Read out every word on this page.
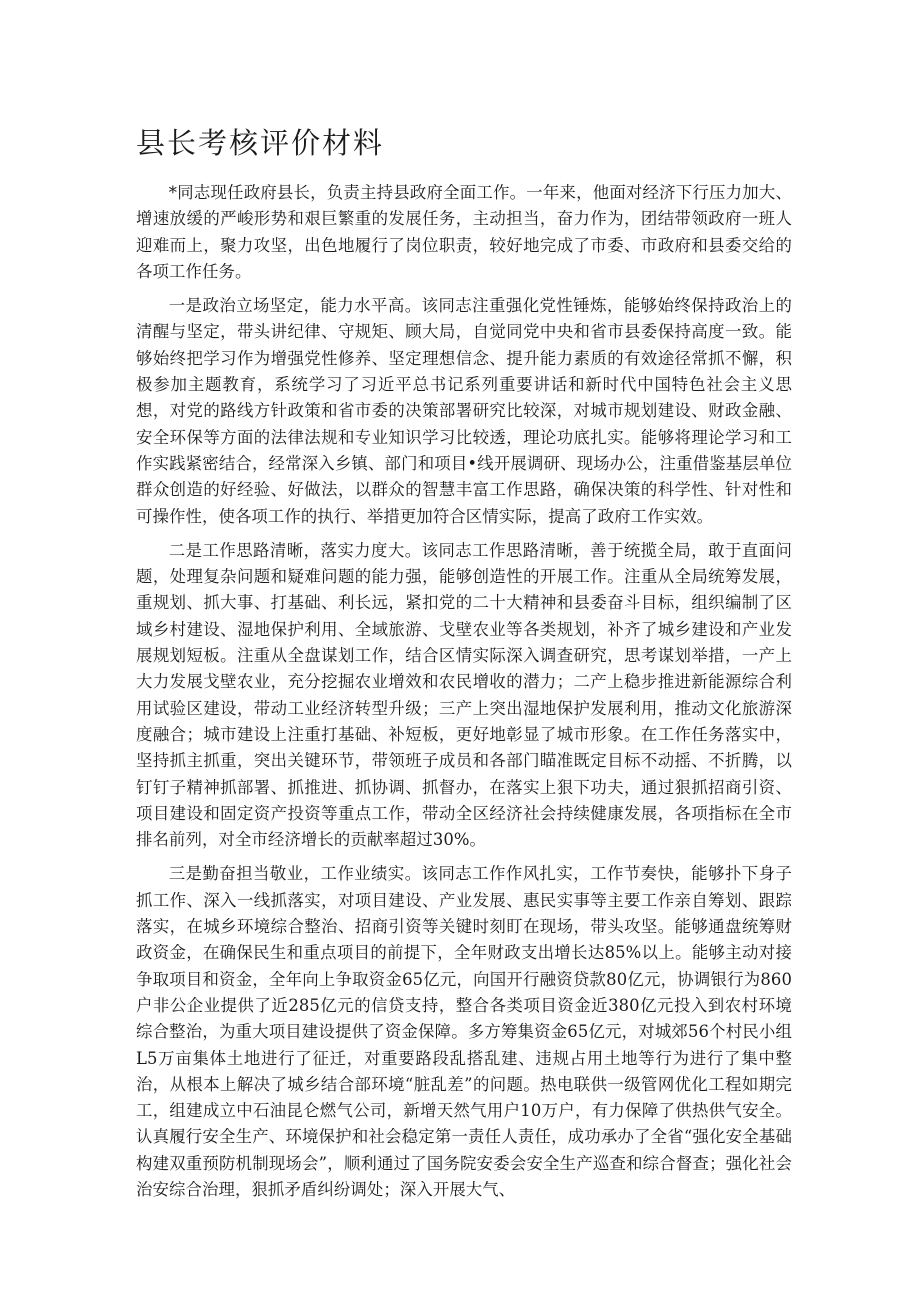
县长考核评价材料

*同志现任政府县长，负责主持县政府全面工作。一年来，他面对经济下行压力加大、增速放缓的严峻形势和艰巨繁重的发展任务，主动担当，奋力作为，团结带领政府一班人迎难而上，聚力攻坚，出色地履行了岗位职责，较好地完成了市委、市政府和县委交给的各项工作任务。

一是政治立场坚定，能力水平高。该同志注重强化党性锤炼，能够始终保持政治上的清醒与坚定，带头讲纪律、守规矩、顾大局，自觉同党中央和省市县委保持高度一致。能够始终把学习作为增强党性修养、坚定理想信念、提升能力素质的有效途径常抓不懈，积极参加主题教育，系统学习了习近平总书记系列重要讲话和新时代中国特色社会主义思想，对党的路线方针政策和省市委的决策部署研究比较深，对城市规划建设、财政金融、安全环保等方面的法律法规和专业知识学习比较透，理论功底扎实。能够将理论学习和工作实践紧密结合，经常深入乡镇、部门和项目•线开展调研、现场办公，注重借鉴基层单位群众创造的好经验、好做法，以群众的智慧丰富工作思路，确保决策的科学性、针对性和可操作性，使各项工作的执行、举措更加符合区情实际，提高了政府工作实效。

二是工作思路清晰，落实力度大。该同志工作思路清晰，善于统揽全局，敢于直面问题，处理复杂问题和疑难问题的能力强，能够创造性的开展工作。注重从全局统筹发展，重规划、抓大事、打基础、利长远，紧扣党的二十大精神和县委奋斗目标，组织编制了区域乡村建设、湿地保护利用、全域旅游、戈壁农业等各类规划，补齐了城乡建设和产业发展规划短板。注重从全盘谋划工作，结合区情实际深入调查研究，思考谋划举措，一产上大力发展戈壁农业，充分挖掘农业增效和农民增收的潜力；二产上稳步推进新能源综合利用试验区建设，带动工业经济转型升级；三产上突出湿地保护发展利用，推动文化旅游深度融合；城市建设上注重打基础、补短板，更好地彰显了城市形象。在工作任务落实中，坚持抓主抓重，突出关键环节，带领班子成员和各部门瞄准既定目标不动摇、不折腾，以钉钉子精神抓部署、抓推进、抓协调、抓督办，在落实上狠下功夫，通过狠抓招商引资、项目建设和固定资产投资等重点工作，带动全区经济社会持续健康发展，各项指标在全市排名前列，对全市经济增长的贡献率超过30%。

三是勤奋担当敬业，工作业绩实。该同志工作作风扎实，工作节奏快，能够扑下身子抓工作、深入一线抓落实，对项目建设、产业发展、惠民实事等主要工作亲自筹划、跟踪落实，在城乡环境综合整治、招商引资等关键时刻盯在现场，带头攻坚。能够通盘统筹财政资金，在确保民生和重点项目的前提下，全年财政支出增长达85%以上。能够主动对接争取项目和资金，全年向上争取资金65亿元，向国开行融资贷款80亿元，协调银行为860户非公企业提供了近285亿元的信贷支持，整合各类项目资金近380亿元投入到农村环境综合整治，为重大项目建设提供了资金保障。多方筹集资金65亿元，对城郊56个村民小组L5万亩集体土地进行了征迁，对重要路段乱搭乱建、违规占用土地等行为进行了集中整治，从根本上解决了城乡结合部环境“脏乱差”的问题。热电联供一级管网优化工程如期完工，组建成立中石油昆仑燃气公司，新增天然气用户10万户，有力保障了供热供气安全。认真履行安全生产、环境保护和社会稳定第一责任人责任，成功承办了全省“强化安全基础构建双重预防机制现场会”，顺利通过了国务院安委会安全生产巡查和综合督查；强化社会治安综合治理，狠抓矛盾纠纷调处；深入开展大气、
